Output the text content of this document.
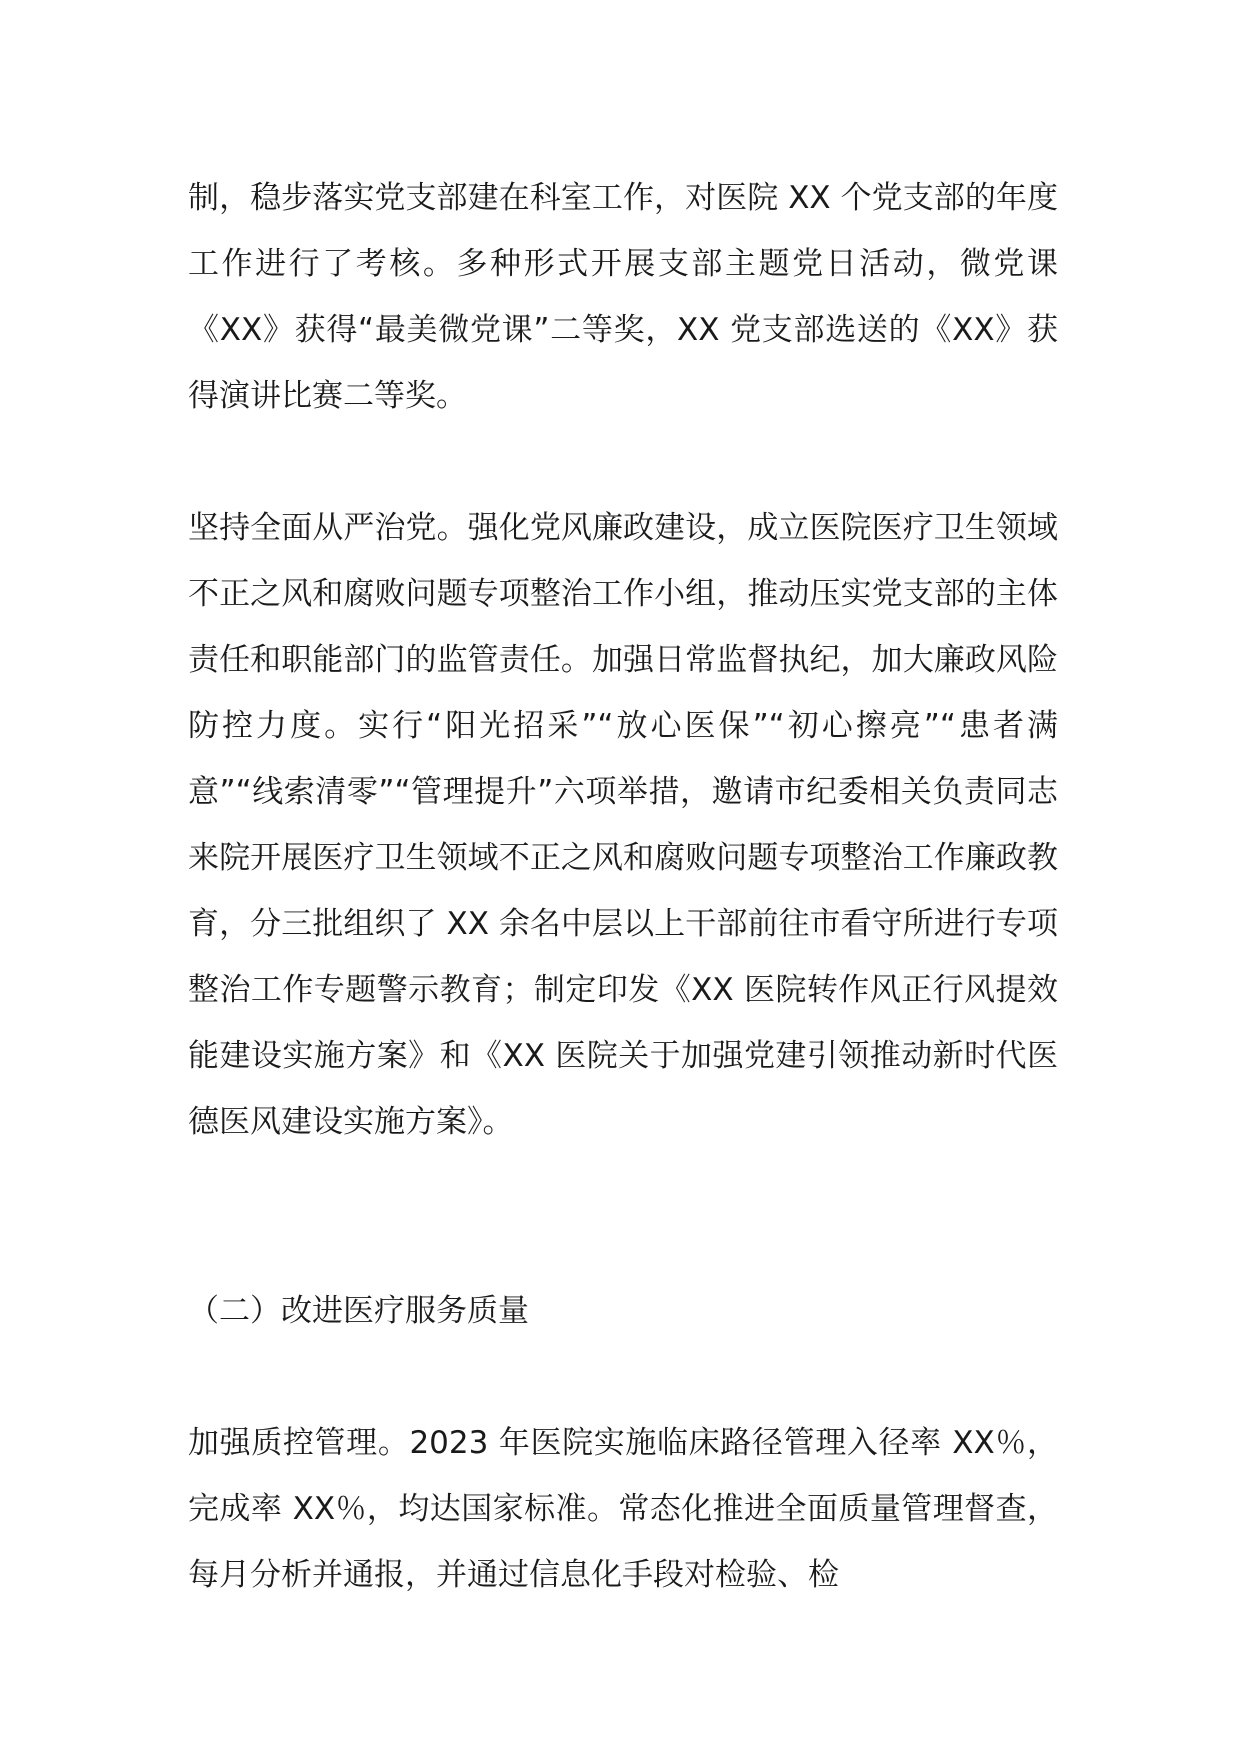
制，稳步落实党支部建在科室工作，对医院 XX 个党支部的年度工作进行了考核。多种形式开展支部主题党日活动，微党课《XX》获得“最美微党课”二等奖，XX 党支部选送的《XX》获得演讲比赛二等奖。

坚持全面从严治党。强化党风廉政建设，成立医院医疗卫生领域不正之风和腐败问题专项整治工作小组，推动压实党支部的主体责任和职能部门的监管责任。加强日常监督执纪，加大廉政风险防控力度。实行“阳光招采”“放心医保”“初心擦亮”“患者满意”“线索清零”“管理提升”六项举措，邀请市纪委相关负责同志来院开展医疗卫生领域不正之风和腐败问题专项整治工作廉政教育，分三批组织了 XX 余名中层以上干部前往市看守所进行专项整治工作专题警示教育；制定印发《XX 医院转作风正行风提效能建设实施方案》和《XX 医院关于加强党建引领推动新时代医德医风建设实施方案》。

（二）改进医疗服务质量

加强质控管理。2023 年医院实施临床路径管理入径率 XX％，完成率 XX％，均达国家标准。常态化推进全面质量管理督查，每月分析并通报，并通过信息化手段对检验、检
